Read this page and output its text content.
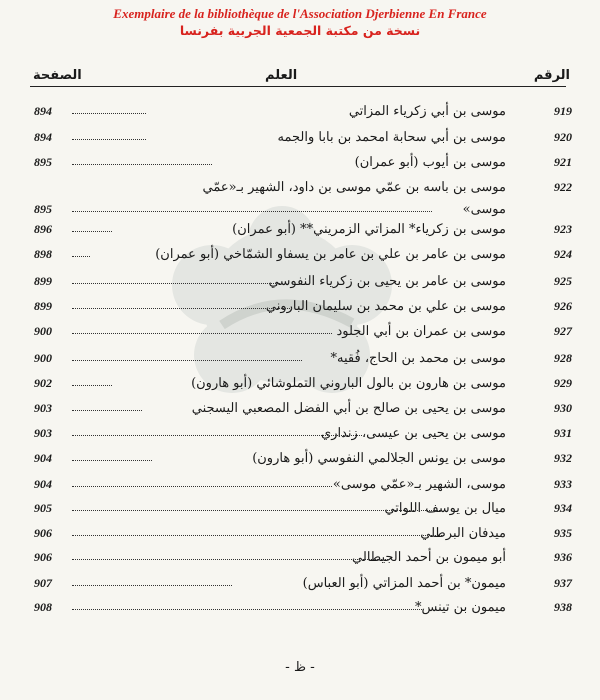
Exemplaire de la bibliothèque de l'Association Djerbienne En France
نسخة من مكتبة الجمعية الجربية بفرنسا
الرقم
العلم
الصفحة
919
موسى بن أبي زكرياء المزاتي
894
920
موسى بن أبي سحابة امحمد بن بابا والجمه
894
921
موسى بن أيوب (أبو عمران)
895
922
موسى بن باسه بن عمّي موسى بن داود، الشهير بـ«عمّي
موسى»
895
923
موسى بن زكرياء* المزاتي الزمريني** (أبو عمران)
896
924
موسى بن عامر بن علي بن عامر بن يسفاو الشمّاخي (أبو عمران)
898
925
موسى بن عامر بن يحيى بن زكرياء النفوسي
899
926
موسى بن علي بن محمد بن سليمان الباروني
899
927
موسى بن عمران بن أبي الجلود
900
928
موسى بن محمد بن الحاج، فُقيه*
900
929
موسى بن هارون بن بالول الباروني التملوشائي (أبو هارون)
902
930
موسى بن يحيى بن صالح بن أبي الفضل المصعبي اليسجني
903
931
موسى بن يحيى بن عيسى، زنداري
903
932
موسى بن يونس الجلالمي النفوسي (أبو هارون)
904
933
موسى، الشهير بـ«عمّي موسى»
904
934
ميال بن يوسف اللواتي
905
935
ميدفان البرطلي
906
936
أبو ميمون بن أحمد الجيطالي
906
937
ميمون* بن أحمد المزاتي (أبو العباس)
907
938
ميمون بن تينس*
908
- ظ -
